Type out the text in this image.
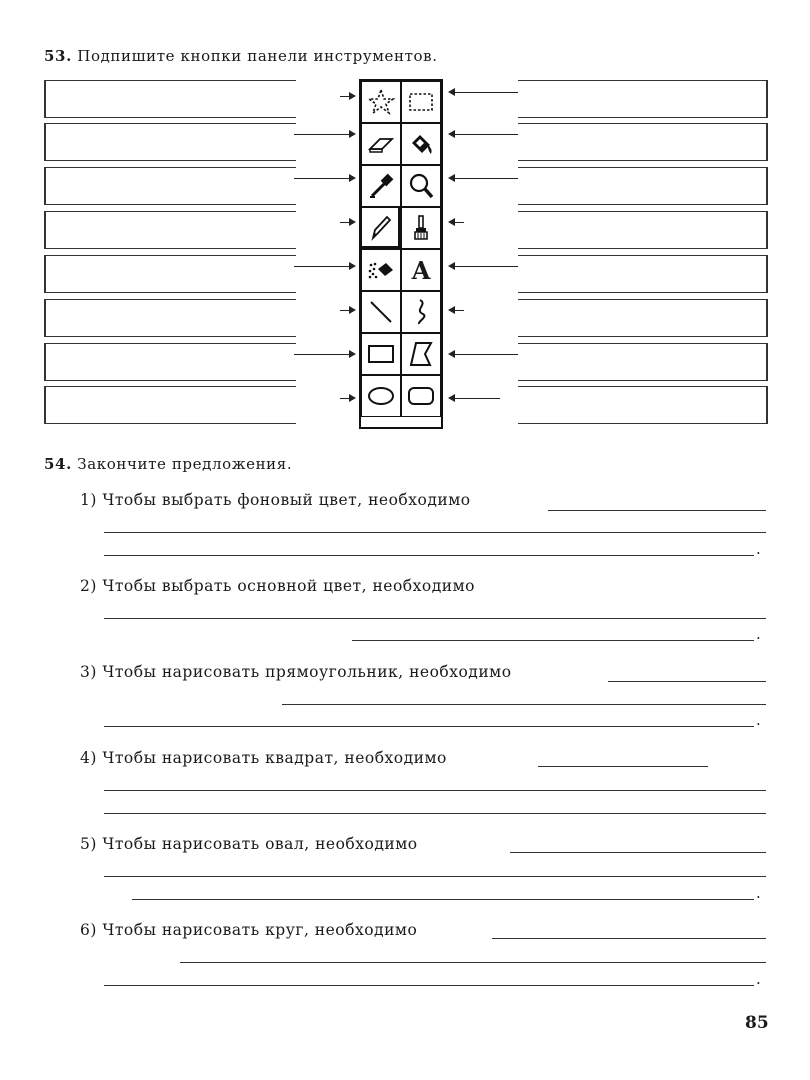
53. Подпишите кнопки панели инструментов.
A
54. Закончите предложения.
1) Чтобы выбрать фоновый цвет, необходимо
.
2) Чтобы выбрать основной цвет, необходимо
.
3) Чтобы нарисовать прямоугольник, необходимо
.
4) Чтобы нарисовать квадрат, необходимо
5) Чтобы нарисовать овал, необходимо
.
6) Чтобы нарисовать круг, необходимо
.
85
